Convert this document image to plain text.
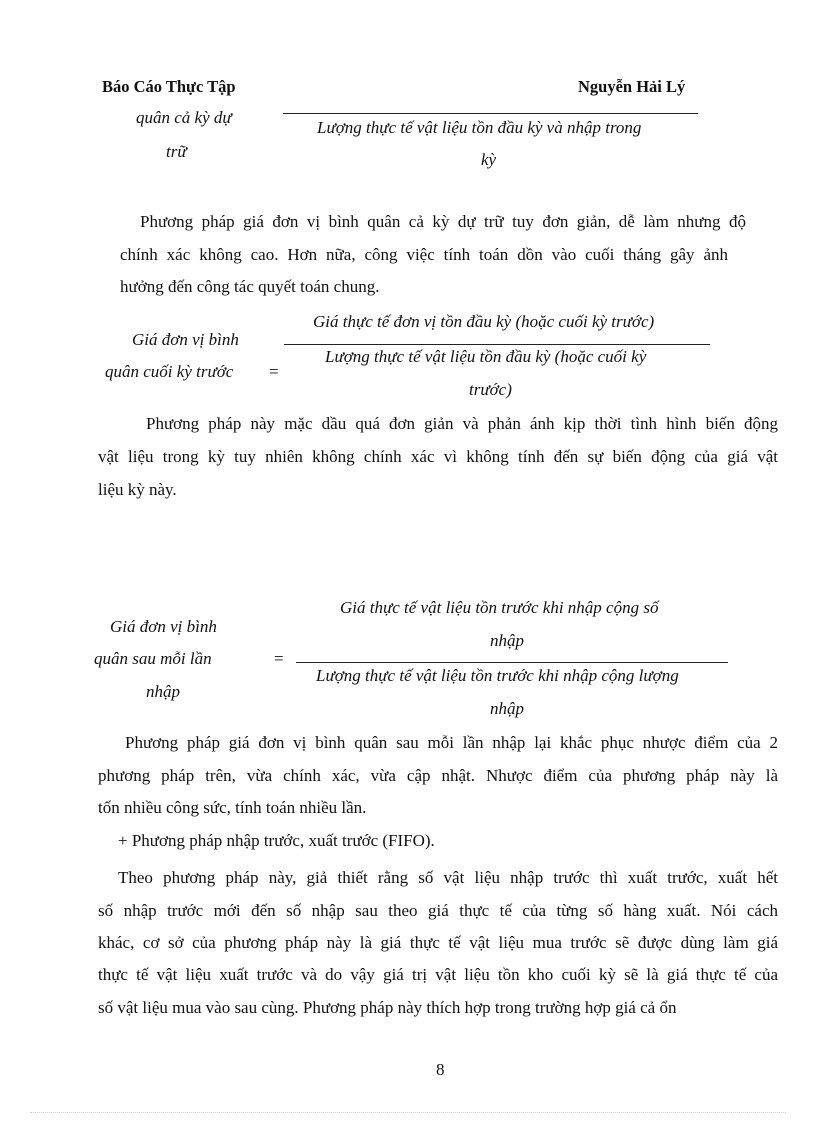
Báo Cáo Thực Tập	Nguyễn Hải Lý
quân cả kỳ dự
trữ
Lượng thực tế vật liệu tồn đầu kỳ và nhập trong
kỳ
Phương pháp giá đơn vị bình quân cả kỳ dự trữ tuy đơn giản, dễ làm nhưng độ
chính xác không cao. Hơn nữa, công việc tính toán dồn vào cuối tháng gây ảnh
hưởng đến công tác quyết toán chung.
Giá đơn vị bình
quân cuối kỳ trước =
Giá thực tế đơn vị tồn đầu kỳ (hoặc cuối kỳ trước)
Lượng thực tế vật liệu tồn đầu kỳ (hoặc cuối kỳ
trước)
Phương pháp này mặc dầu quá đơn giản và phản ánh kịp thời tình hình biến động
vật liệu trong kỳ tuy nhiên không chính xác vì không tính đến sự biến động của giá vật
liệu kỳ này.
Giá đơn vị bình
quân sau mỗi lần
nhập
=
Giá thực tế vật liệu tồn trước khi nhập cộng số
nhập
Lượng thực tế vật liệu tồn trước khi nhập cộng lượng
nhập
Phương pháp giá đơn vị bình quân sau mỗi lần nhập lại khắc phục nhược điểm của 2
phương pháp trên, vừa chính xác, vừa cập nhật. Nhược điểm của phương pháp này là
tốn nhiều công sức, tính toán nhiều lần.
+ Phương pháp nhập trước, xuất trước (FIFO).
Theo phương pháp này, giả thiết rằng số vật liệu nhập trước thì xuất trước, xuất hết
số nhập trước mới đến số nhập sau theo giá thực tế của từng số hàng xuất. Nói cách
khác, cơ sở của phương pháp này là giá thực tế vật liệu mua trước sẽ được dùng làm giá
thực tế vật liệu xuất trước và do vậy giá trị vật liệu tồn kho cuối kỳ sẽ là giá thực tế của
số vật liệu mua vào sau cùng. Phương pháp này thích hợp trong trường hợp giá cả ổn
8
